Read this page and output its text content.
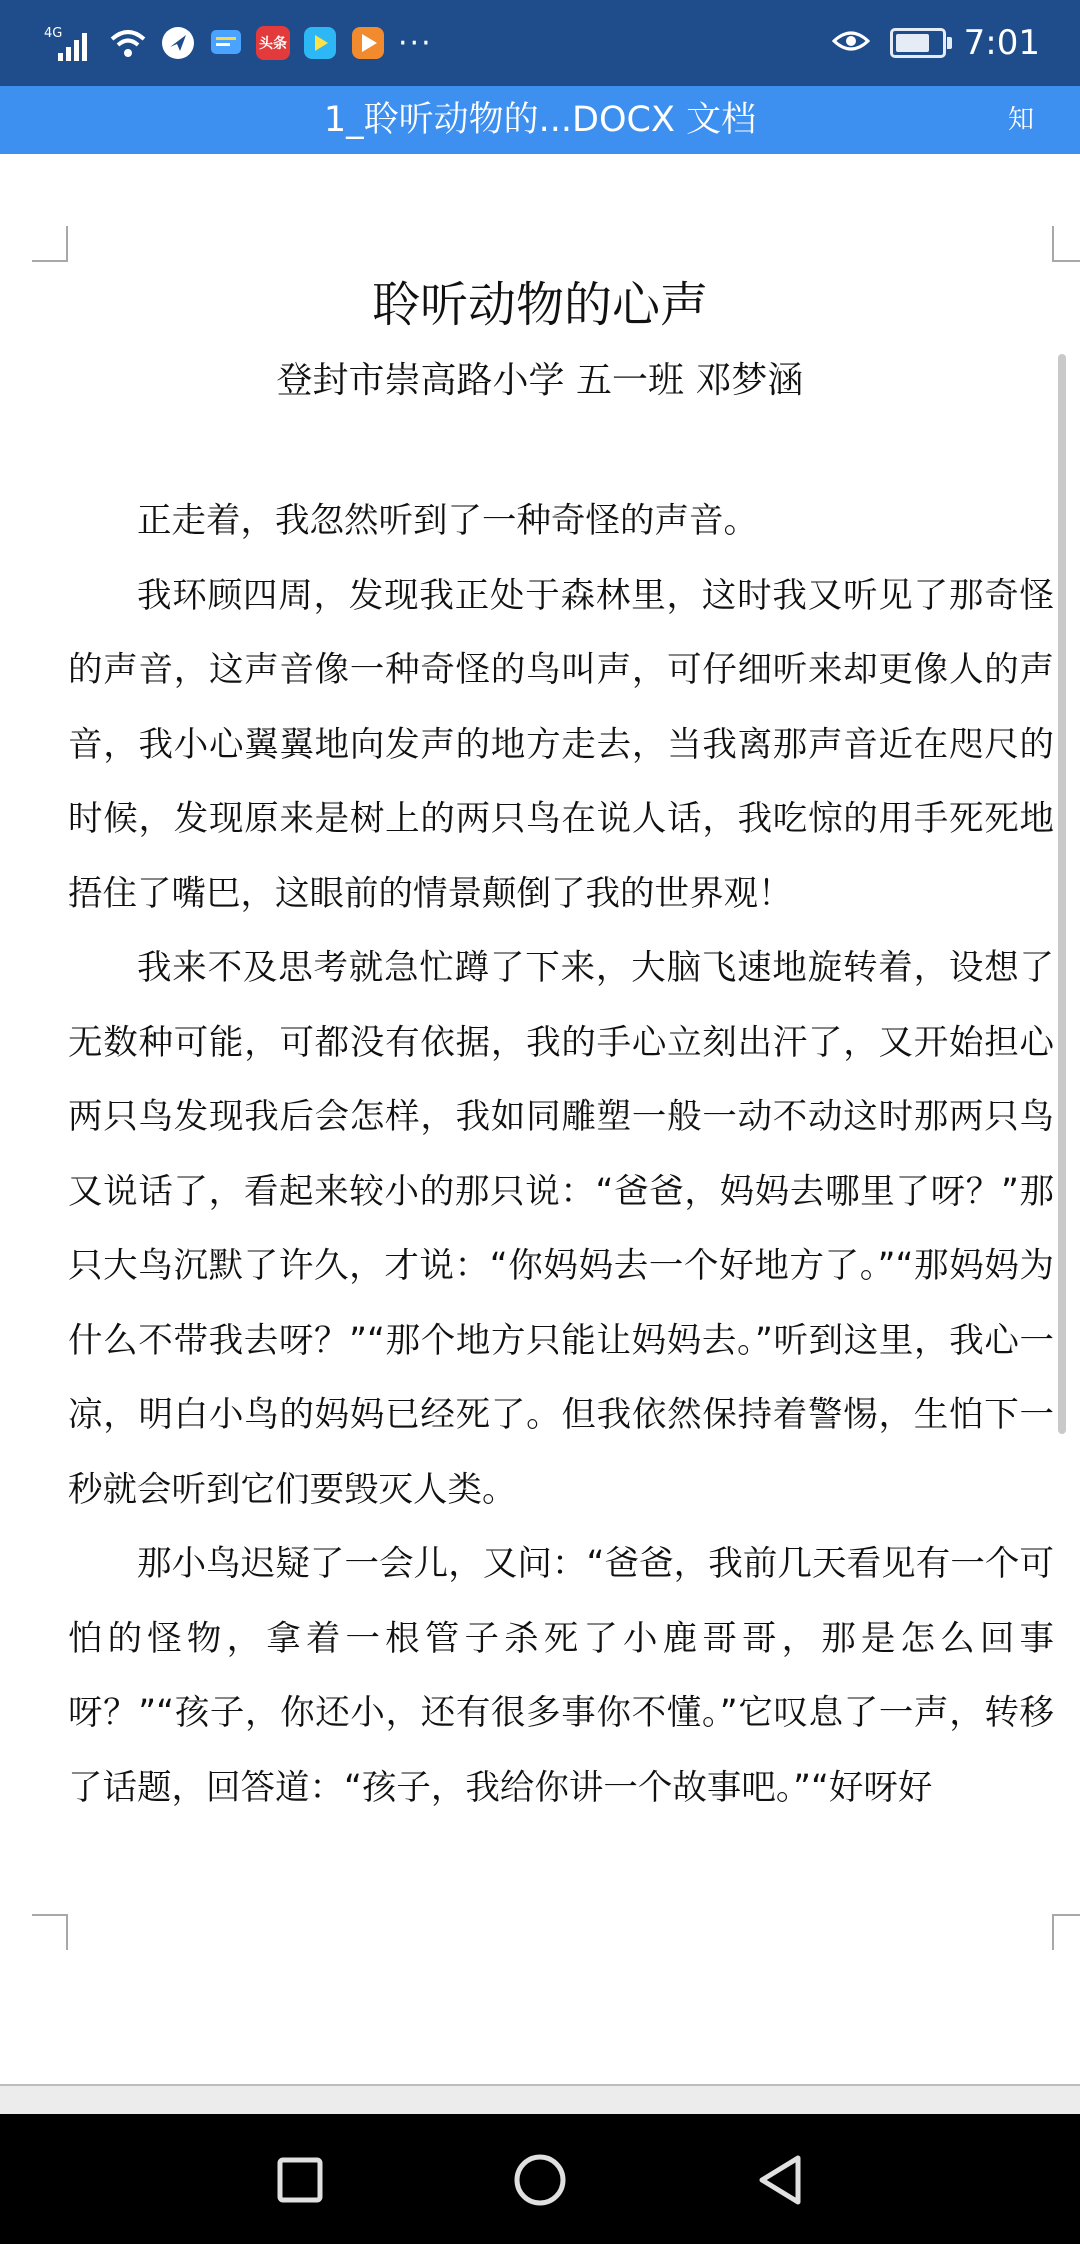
4G
头条	···	7:01
1_聆听动物的...DOCX 文档	知
聆听动物的心声
登封市崇高路小学 五一班 邓梦涵

正走着，我忽然听到了一种奇怪的声音。

我环顾四周，发现我正处于森林里，这时我又听见了那奇怪的声音，这声音像一种奇怪的鸟叫声，可仔细听来却更像人的声音，我小心翼翼地向发声的地方走去，当我离那声音近在咫尺的时候，发现原来是树上的两只鸟在说人话，我吃惊的用手死死地捂住了嘴巴，这眼前的情景颠倒了我的世界观！

我来不及思考就急忙蹲了下来，大脑飞速地旋转着，设想了无数种可能，可都没有依据，我的手心立刻出汗了，又开始担心两只鸟发现我后会怎样，我如同雕塑一般一动不动这时那两只鸟又说话了，看起来较小的那只说：“爸爸，妈妈去哪里了呀？”那只大鸟沉默了许久，才说：“你妈妈去一个好地方了。”“那妈妈为什么不带我去呀？”“那个地方只能让妈妈去。”听到这里，我心一凉，明白小鸟的妈妈已经死了。但我依然保持着警惕，生怕下一秒就会听到它们要毁灭人类。

那小鸟迟疑了一会儿，又问：“爸爸，我前几天看见有一个可怕的怪物，拿着一根管子杀死了小鹿哥哥，那是怎么回事呀？”“孩子，你还小，还有很多事你不懂。”它叹息了一声，转移了话题，回答道：“孩子，我给你讲一个故事吧。”“好呀好
